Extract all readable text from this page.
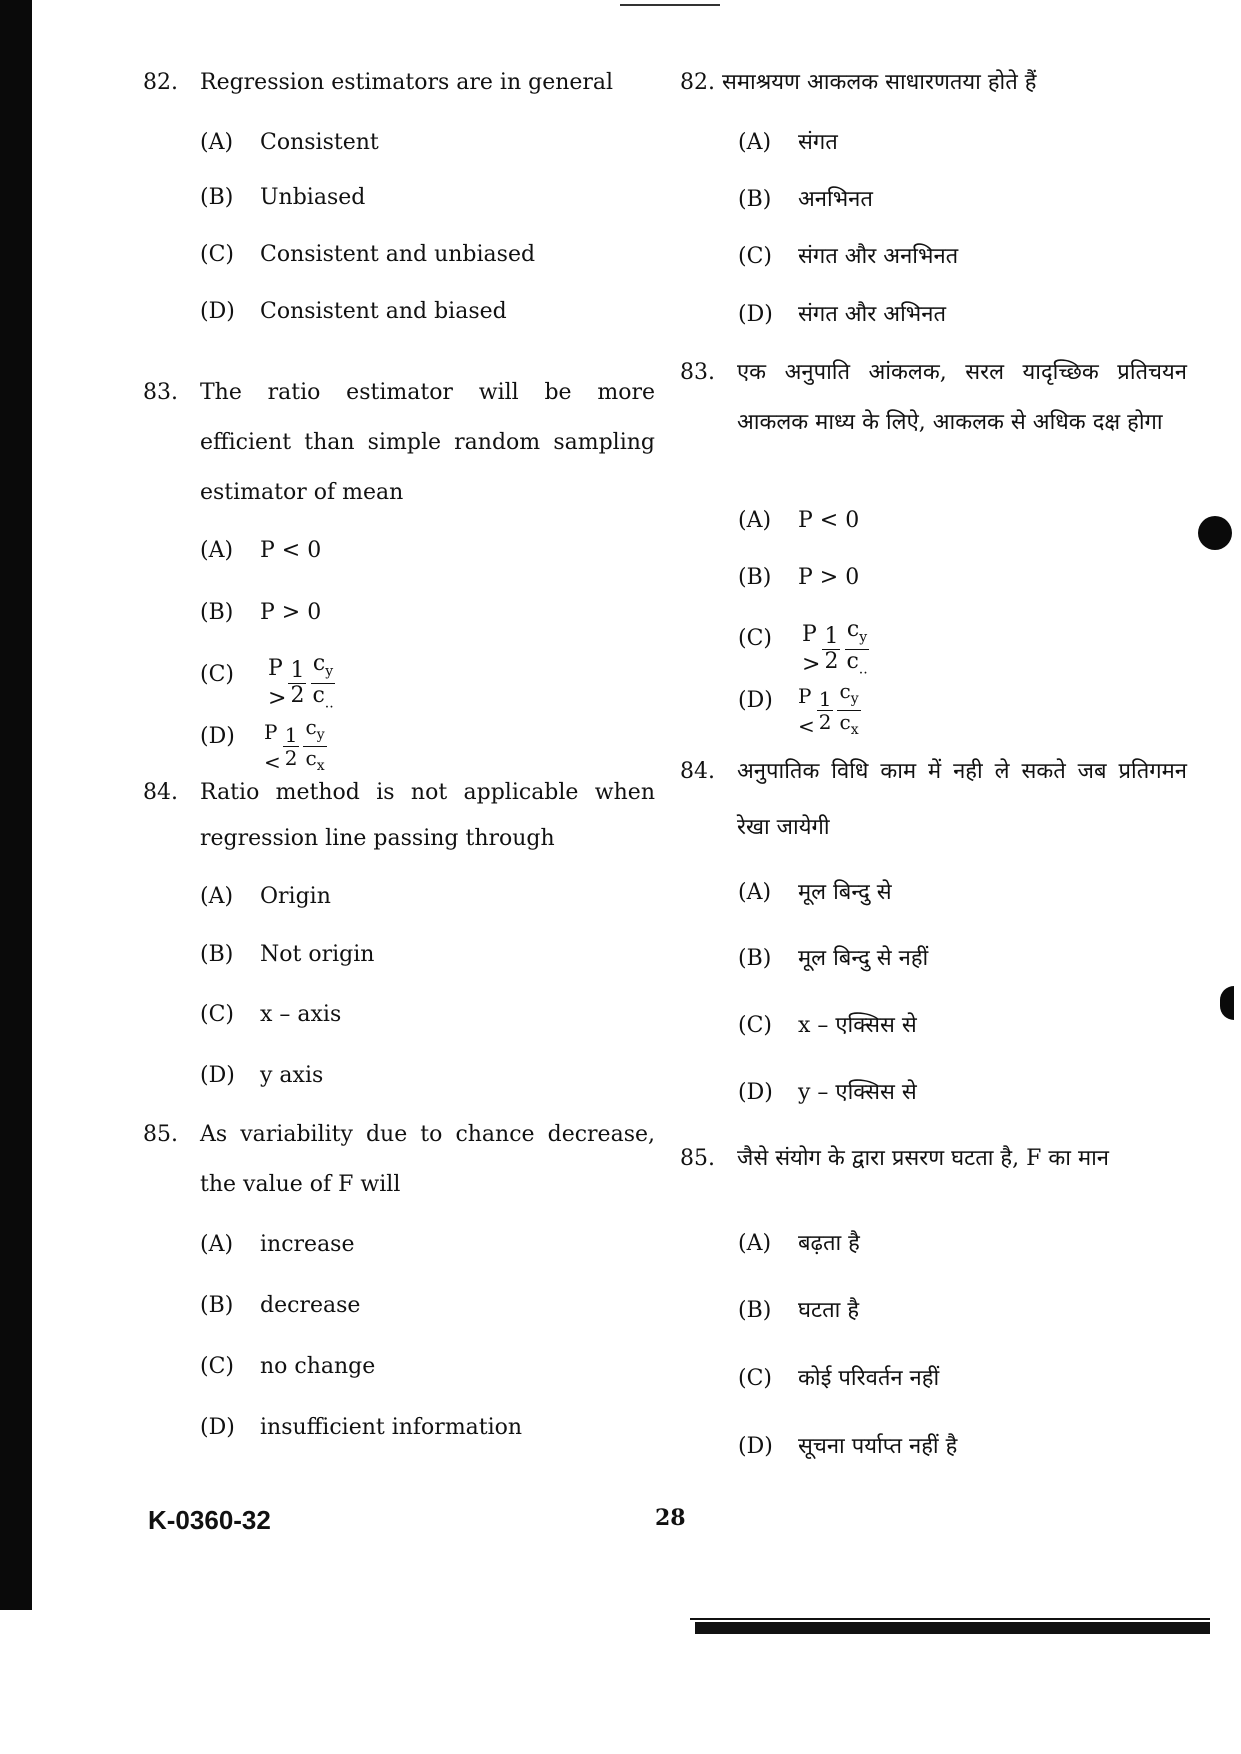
82. Regression estimators are in general
(A) Consistent
(B) Unbiased
(C) Consistent and unbiased
(D) Consistent and biased
83. The ratio estimator will be more efficient than simple random sampling estimator of mean
(A) P < 0
(B) P > 0
(C) $P > \frac{1}{2} \frac{c_y}{c_{..}}$
(D) $P < \frac{1}{2} \frac{c_y}{c_x}$
84. Ratio method is not applicable when regression line passing through
(A) Origin
(B) Not origin
(C) x – axis
(D) y axis
85. As variability due to chance decrease, the value of F will
(A) increase
(B) decrease
(C) no change
(D) insufficient information
82. समाश्रयण आकलक साधारणतया होते हैं
(A) संगत
(B) अनभिनत
(C) संगत और अनभिनत
(D) संगत और अभिनत
83. एक अनुपाति आंकलक, सरल यादृच्छिक प्रतिचयन आकलक माध्य के लिऐ, आकलक से अधिक दक्ष होगा
(A) P < 0
(B) P > 0
(C) $P > \frac{1}{2} \frac{c_y}{c_{..}}$
(D) $P < \frac{1}{2} \frac{c_y}{c_x}$
84. अनुपातिक विधि काम में नही ले सकते जब प्रतिगमन रेखा जायेगी
(A) मूल बिन्दु से
(B) मूल बिन्दु से नहीं
(C) x – एक्सिस से
(D) y – एक्सिस से
85. जैसे संयोग के द्वारा प्रसरण घटता है, F का मान
(A) बढ़ता है
(B) घटता है
(C) कोई परिवर्तन नहीं
(D) सूचना पर्याप्त नहीं है
K-0360-32	28
